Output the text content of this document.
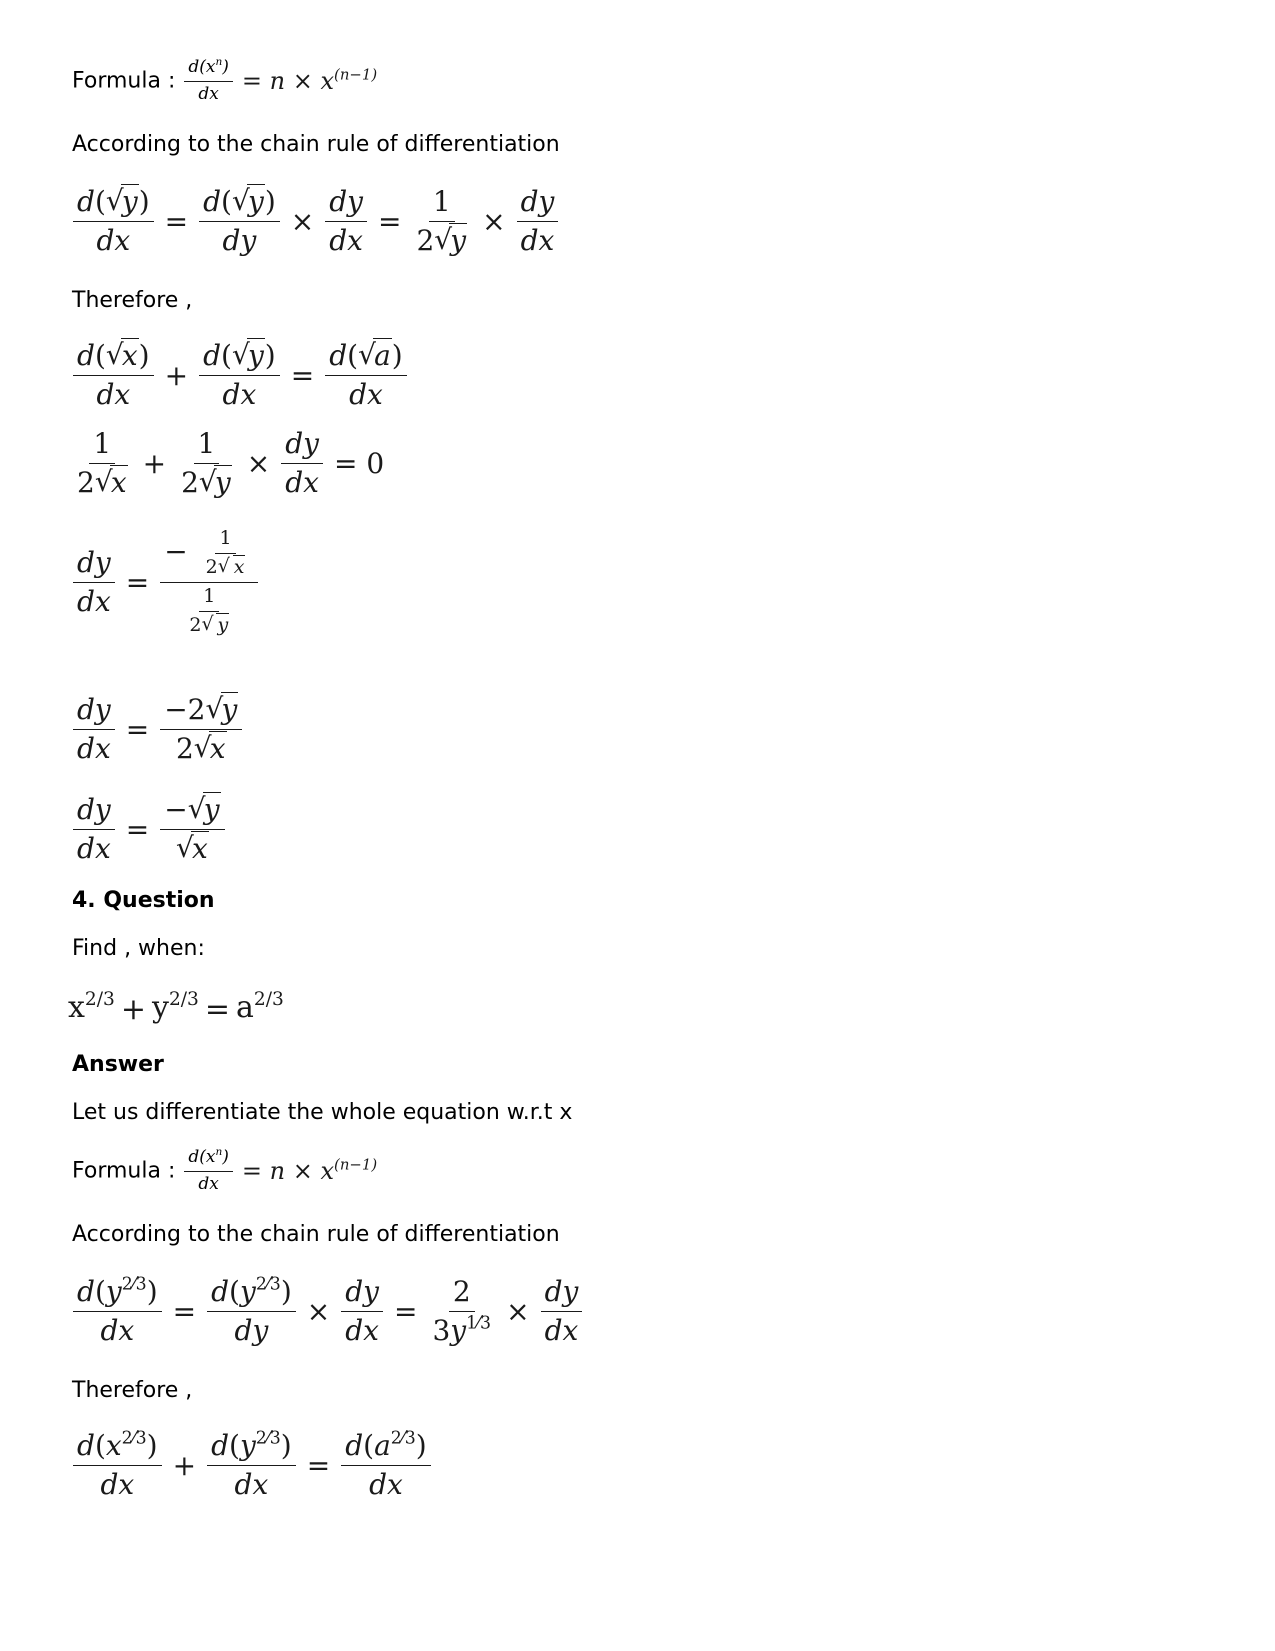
Formula : $\frac{d(x^n)}{dx} = n \times x^{(n-1)}$
According to the chain rule of differentiation
$\frac{d( √ y)}{dx} = \frac{d( √ y)}{dy} \times \frac{dy}{dx} = \frac{1}{2 √ y} \times \frac{dy}{dx}$
Therefore ,
$\frac{d( √ x)}{dx} + \frac{d( √ y)}{dx} = \frac{d( √ a)}{dx}$
$\frac{1}{2 √ x} + \frac{1}{2 √ y} \times \frac{dy}{dx} = 0$
$\frac{dy}{dx} = \frac{- \frac{1}{2 √ x}}{\frac{1}{2 √ y}}$
$\frac{dy}{dx} = \frac{-2 √ y}{2 √ x}$
$\frac{dy}{dx}$ = − √ y
√ x
4. Question
Find , when:
$x^{2/3} + y^{2/3} = a^{2/3}$
Answer
Let us differentiate the whole equation w.r.t x
Formula : $\frac{d(x^n)}{dx} = n \times x^{(n-1)}$
According to the chain rule of differentiation
$\frac{d(y^{2⁄3})}{dx} = \frac{d(y^{2⁄3})}{dy} \times \frac{dy}{dx} = \frac{2}{3y^{1⁄3}} \times \frac{dy}{dx}$
Therefore ,
$\frac{d(x^{2⁄3})}{dx} + \frac{d(y^{2⁄3})}{dx} = \frac{d(a^{2⁄3})}{dx}$
